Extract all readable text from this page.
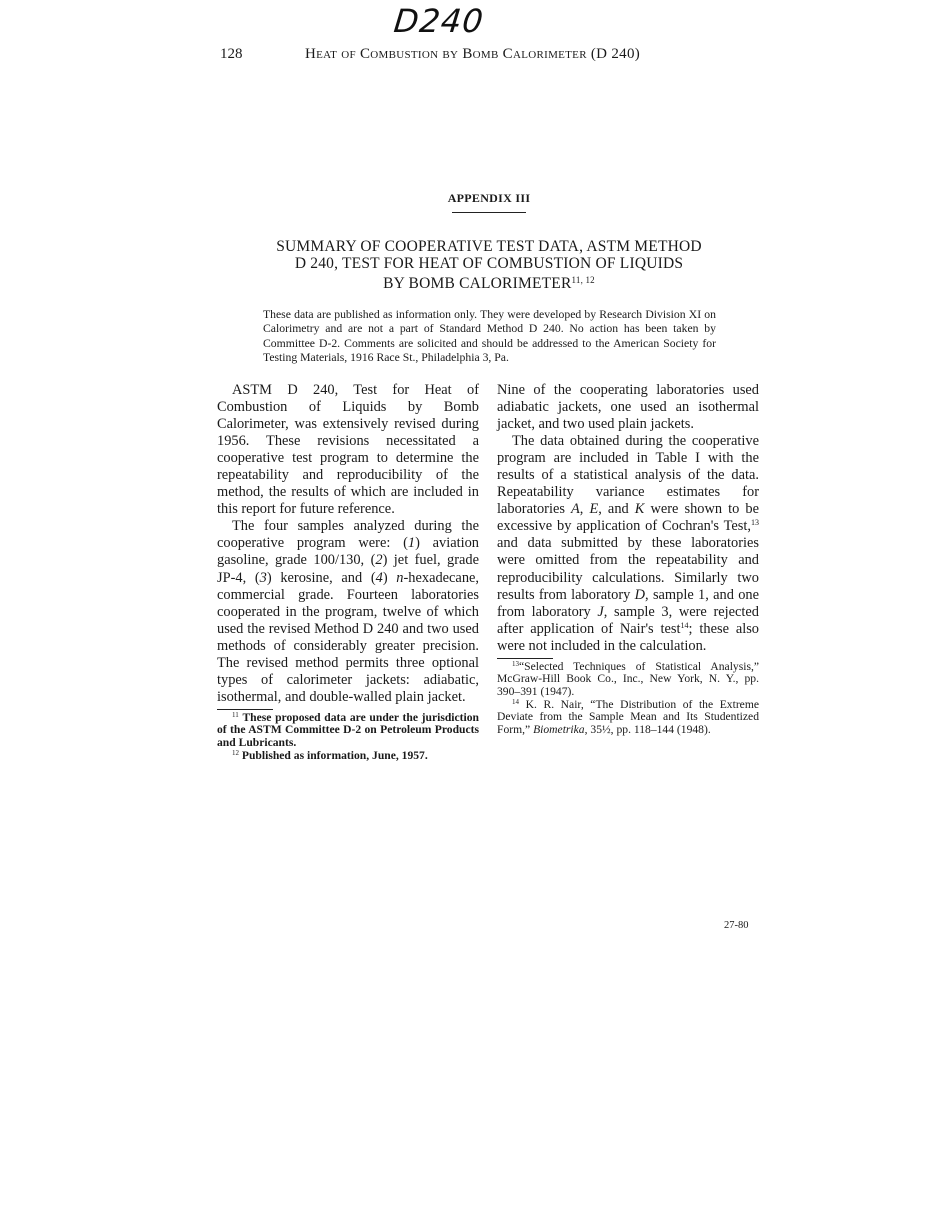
D240
128	Heat of Combustion by Bomb Calorimeter (D 240)
APPENDIX III
SUMMARY OF COOPERATIVE TEST DATA, ASTM METHOD
D 240, TEST FOR HEAT OF COMBUSTION OF LIQUIDS
BY BOMB CALORIMETER$^{11, 12}$
These data are published as information only. They were developed by Research Division XI on Calorimetry and are not a part of Standard Method D 240. No action has been taken by Committee D-2. Comments are solicited and should be addressed to the American Society for Testing Materials, 1916 Race St., Philadelphia 3, Pa.

ASTM D 240, Test for Heat of Combustion of Liquids by Bomb Calorimeter, was extensively revised during 1956. These revisions necessitated a cooperative test program to determine the repeatability and reproducibility of the method, the results of which are included in this report for future reference.

The four samples analyzed during the cooperative program were: (1) aviation gasoline, grade 100/130, (2) jet fuel, grade JP-4, (3) kerosine, and (4) n-hexadecane, commercial grade. Fourteen laboratories cooperated in the program, twelve of which used the revised Method D 240 and two used methods of considerably greater precision. The revised method permits three optional types of calorimeter jackets: adiabatic, isothermal, and double-walled plain jacket.

$^{11}$ These proposed data are under the jurisdiction of the ASTM Committee D-2 on Petroleum Products and Lubricants.

$^{12}$ Published as information, June, 1957.

Nine of the cooperating laboratories used adiabatic jackets, one used an isothermal jacket, and two used plain jackets.

The data obtained during the cooperative program are included in Table I with the results of a statistical analysis of the data. Repeatability variance estimates for laboratories A, E, and K were shown to be excessive by application of Cochran's Test,$^{13}$ and data submitted by these laboratories were omitted from the repeatability and reproducibility calculations. Similarly two results from laboratory D, sample 1, and one from laboratory J, sample 3, were rejected after application of Nair's test$^{14}$; these also were not included in the calculation.

$^{13}$“Selected Techniques of Statistical Analysis,” McGraw-Hill Book Co., Inc., New York, N. Y., pp. 390–391 (1947).

$^{14}$ K. R. Nair, “The Distribution of the Extreme Deviate from the Sample Mean and Its Studentized Form,” Biometrika, 35½, pp. 118–144 (1948).

27-80
